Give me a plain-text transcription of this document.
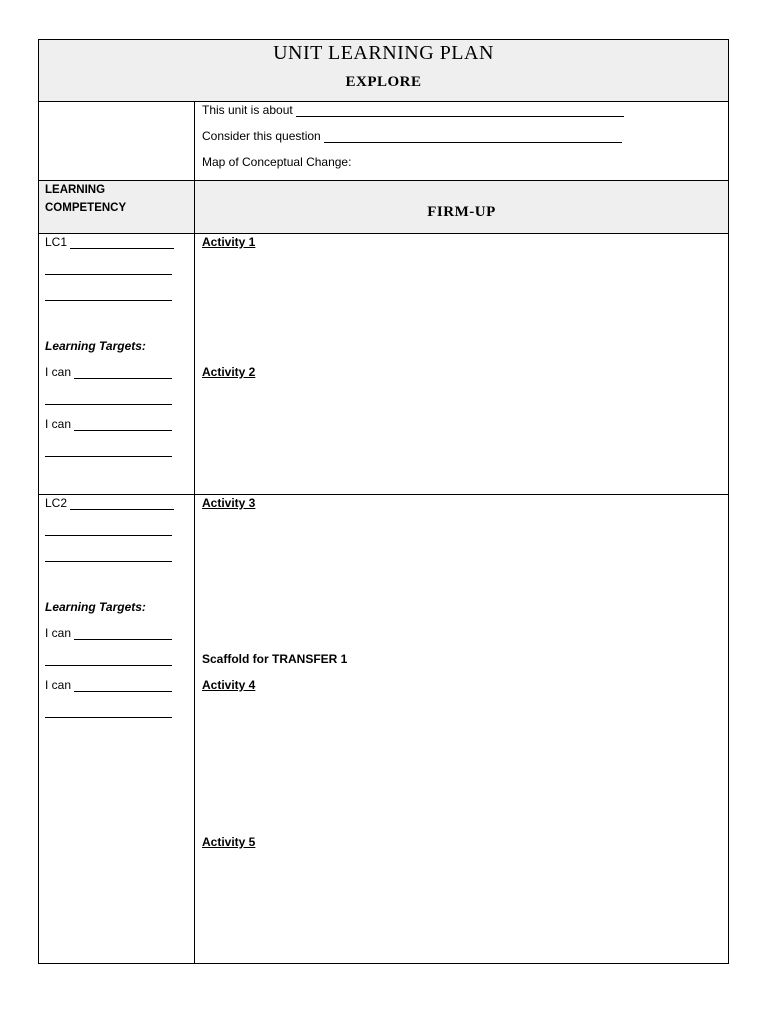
UNIT LEARNING PLAN
EXPLORE
This unit is about
Consider this question
Map of Conceptual Change:
LEARNING COMPETENCY	FIRM-UP
LC1
Learning Targets:
I can
I can
Activity 1
Activity 2
LC2
Learning Targets:
I can
I can
Activity 3
Scaffold for TRANSFER 1
Activity 4
Activity 5
